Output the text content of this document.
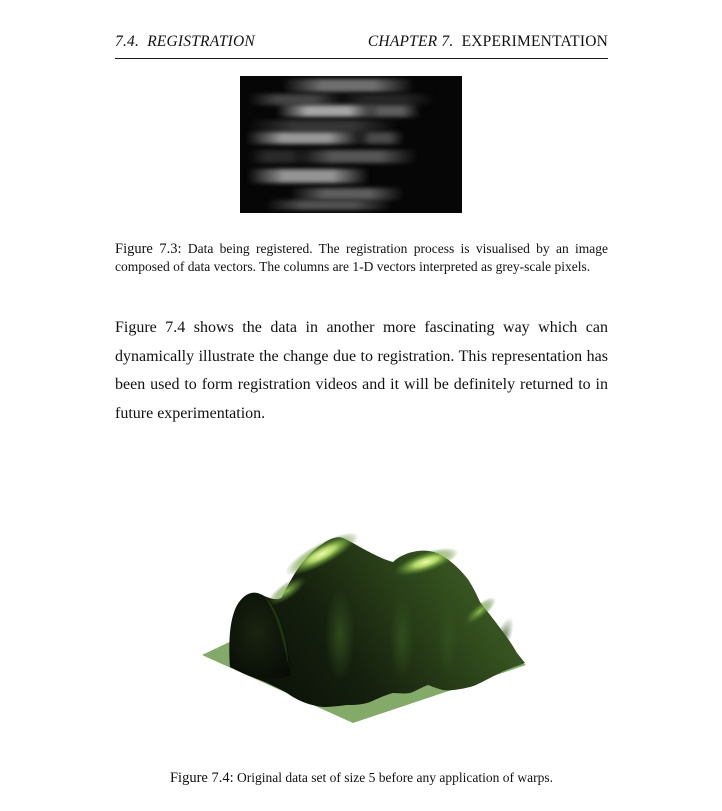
7.4.  REGISTRATION	CHAPTER 7.  EXPERIMENTATION
Figure 7.3: Data being registered. The registration process is visualised by an image composed of data vectors. The columns are 1-D vectors interpreted as grey-scale pixels.
Figure 7.4 shows the data in another more fascinating way which can dynamically illustrate the change due to registration. This representation has been used to form registration videos and it will be definitely returned to in future experimentation.
Figure 7.4: Original data set of size 5 before any application of warps.
